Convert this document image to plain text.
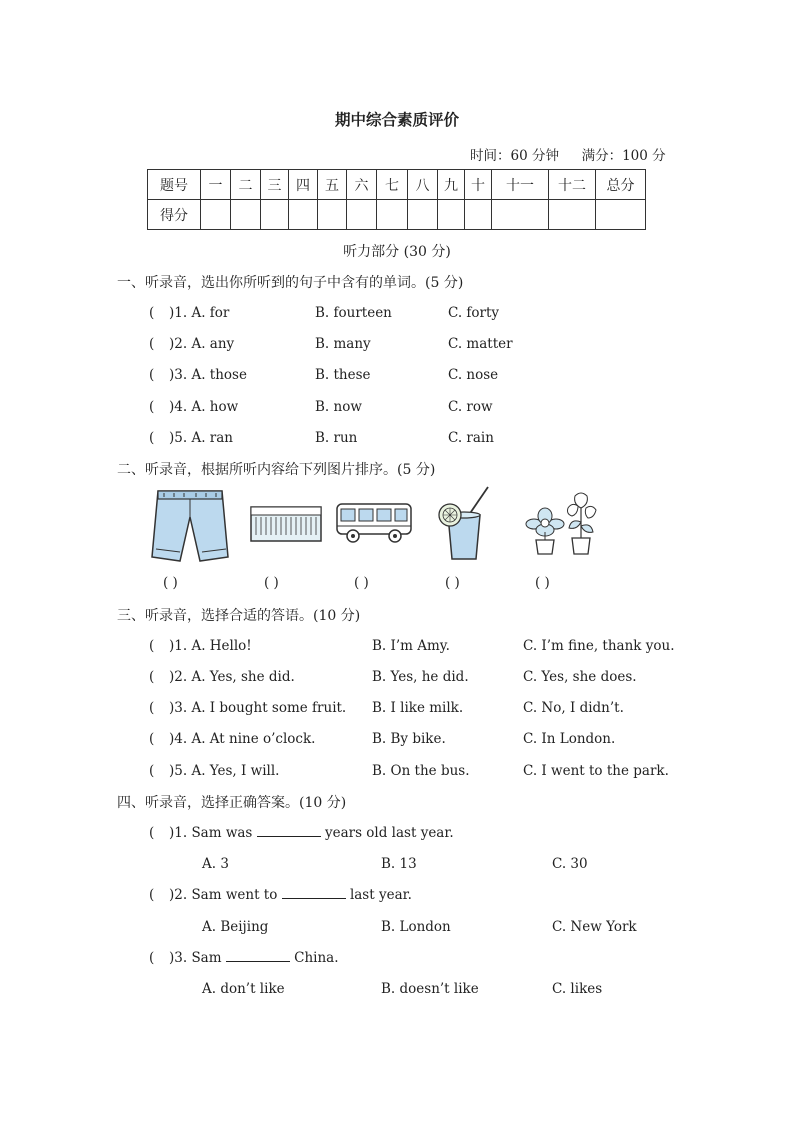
期中综合素质评价
时间：60 分钟 满分：100 分
题号	一	二	三	四	五	六	七	八	九	十	十一	十二	总分
得分													
听力部分 (30 分)
一、听录音，选出你所听到的句子中含有的单词。(5 分)
( )1. A. for	B. fourteen	C. forty
( )2. A. any	B. many	C. matter
( )3. A. those	B. these	C. nose
( )4. A. how	B. now	C. row
( )5. A. ran	B. run	C. rain
二、听录音，根据所听内容给下列图片排序。(5 分)
( )	( )	( )	( )	( )
三、听录音，选择合适的答语。(10 分)
( )1. A. Hello!	B. I’m Amy.	C. I’m fine, thank you.
( )2. A. Yes, she did.	B. Yes, he did.	C. Yes, she does.
( )3. A. I bought some fruit. B. I like milk.	C. No, I didn’t.
( )4. A. At nine o’clock.	B. By bike.	C. In London.
( )5. A. Yes, I will.	B. On the bus.	C. I went to the park.
四、听录音，选择正确答案。(10 分)
( )1. Sam was	years old last year.
A. 3	B. 13	C. 30
( )2. Sam went to	last year.
A. Beijing	B. London	C. New York
( )3. Sam	China.
A. don’t like	B. doesn’t like	C. likes
